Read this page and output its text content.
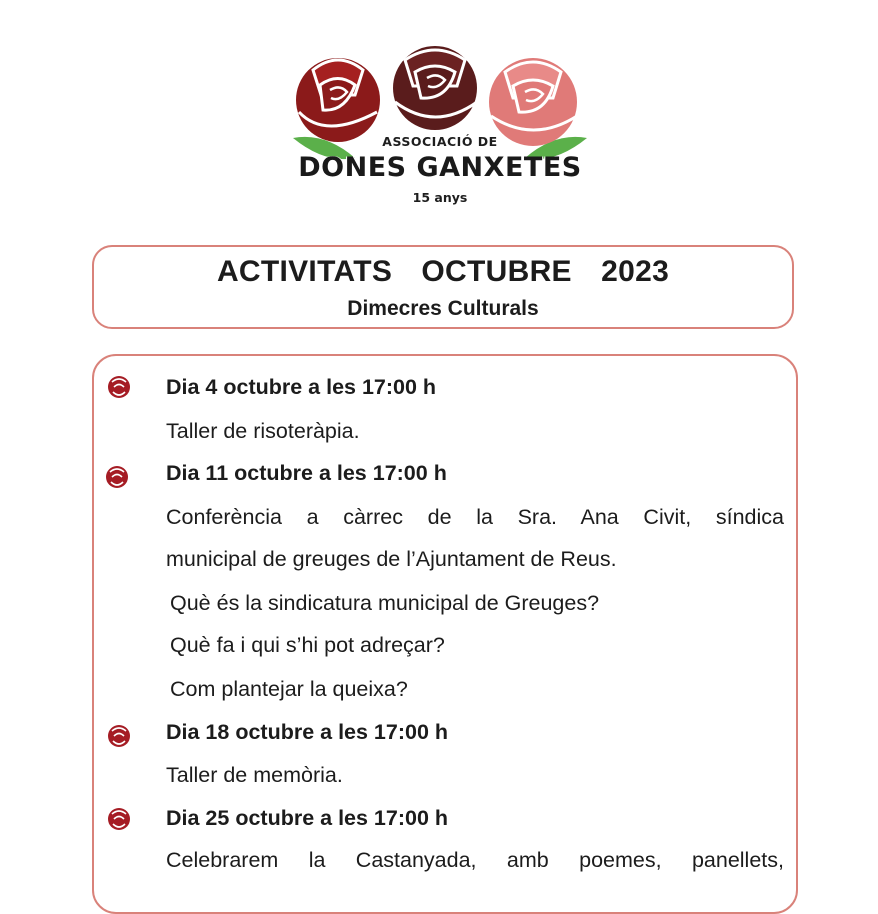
ASSOCIACIÓ DE
DONES GANXETES
15 anys
ACTIVITATS  OCTUBRE  2023
Dimecres Culturals
Dia 4 octubre a les 17:00 h
Taller de risoteràpia.
Dia 11 octubre a les 17:00 h
Conferència a càrrec de la Sra. Ana Civit, síndica
municipal de greuges de l’Ajuntament de Reus.
Què és la sindicatura municipal de Greuges?
Què fa i qui s’hi pot adreçar?
Com plantejar la queixa?
Dia 18 octubre a les 17:00 h
Taller de memòria.
Dia 25 octubre a les 17:00 h
Celebrarem la Castanyada, amb poemes, panellets,
